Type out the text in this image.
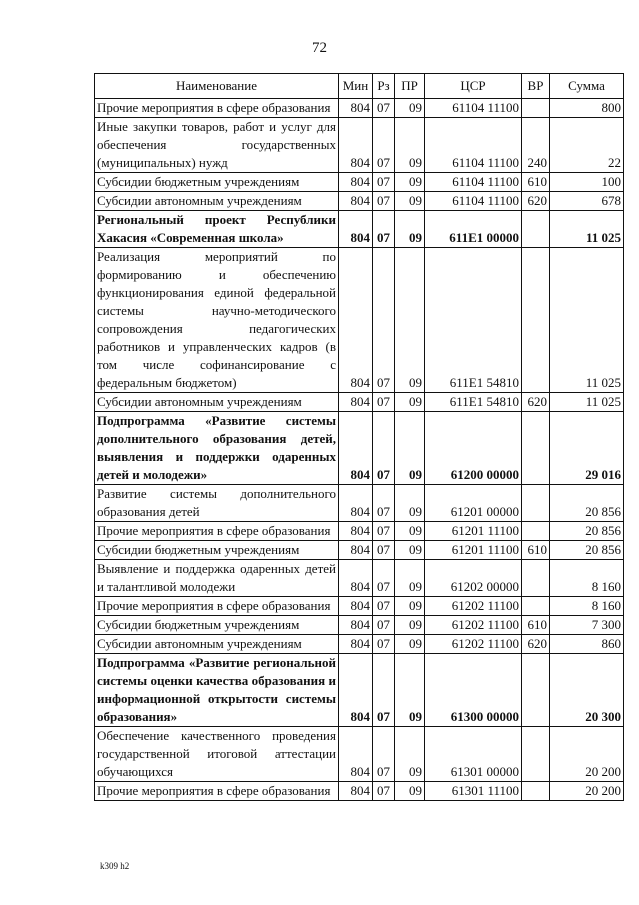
72
Наименование	Мин	Рз	ПР	ЦСР	ВР	Сумма
Прочие мероприятия в сфере образования	804	07	09	61104 11100		800
Иные закупки товаров, работ и услуг для обеспечения государственных (муниципальных) нужд	804	07	09	61104 11100	240	22
Субсидии бюджетным учреждениям	804	07	09	61104 11100	610	100
Субсидии автономным учреждениям	804	07	09	61104 11100	620	678
Региональный проект Республики Хакасия «Современная школа»	804	07	09	611E1 00000		11 025
Реализация мероприятий по формированию и обеспечению функционирования единой федеральной системы научно-методического сопровождения педагогических работников и управленческих кадров (в том числе софинансирование с федеральным бюджетом)	804	07	09	611E1 54810		11 025
Субсидии автономным учреждениям	804	07	09	611E1 54810	620	11 025
Подпрограмма «Развитие системы дополнительного образования детей, выявления и поддержки одаренных детей и молодежи»	804	07	09	61200 00000		29 016
Развитие системы дополнительного образования детей	804	07	09	61201 00000		20 856
Прочие мероприятия в сфере образования	804	07	09	61201 11100		20 856
Субсидии бюджетным учреждениям	804	07	09	61201 11100	610	20 856
Выявление и поддержка одаренных детей и талантливой молодежи	804	07	09	61202 00000		8 160
Прочие мероприятия в сфере образования	804	07	09	61202 11100		8 160
Субсидии бюджетным учреждениям	804	07	09	61202 11100	610	7 300
Субсидии автономным учреждениям	804	07	09	61202 11100	620	860
Подпрограмма «Развитие региональной системы оценки качества образования и информационной открытости системы образования»	804	07	09	61300 00000		20 300
Обеспечение качественного проведения государственной итоговой аттестации обучающихся	804	07	09	61301 00000		20 200
Прочие мероприятия в сфере образования	804	07	09	61301 11100		20 200
k309 h2
